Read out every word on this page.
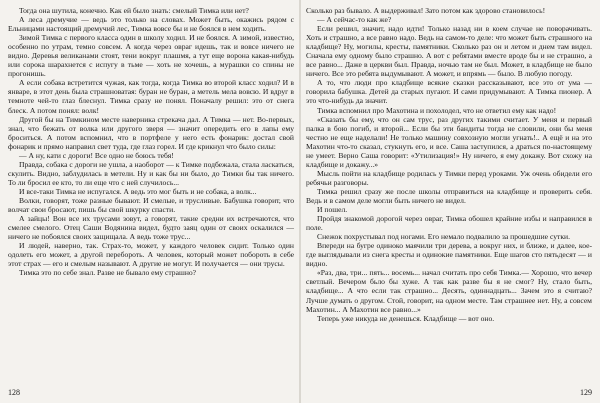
Тогда она шутила, конечно. Как ей было знать: смелый Тимка или нет?

А леса дремучие — ведь это только на словах. Может быть, окажись рядом с Ельницами настоящий дремучий лес, Тимка вовсе бы и не боялся в нем ходить.

Зимой Тимка с первого класса один в школу ходил. И не боялся. А зимой, известно, особенно по утрам, темно совсем. А когда через овраг идешь, так и вовсе ничего не видно. Деревья великанами стоят, тени вокруг плашмя, а тут еще ворона какая-нибудь или сорока шарахнется с испугу в тьме — хоть не хочешь, а мурашки со спины не прогонишь.

А если собака встретится чужая, как тогда, когда Тимка во второй класс ходил? И в январе, в этот день была страшноватая: буран не буран, а метель мела вовсю. И вдруг в темноте чей-то глаз блеснул. Тимка сразу не понял. Поначалу решил: это от снега блеск. А потом понял: волк!

Другой бы на Тимкином месте наверника стрекача дал. А Тимка — нет. Во-первых, знал, что бежать от волка или другого зверя — значит опередить его в лапы ему броситься. А потом вспомнил, что в портфеле у него есть фонарик: достал свой фонарик и прямо направил свет туда, где глаз горел. И где крикнул что было силы:

— А ну, кати с дороги! Все одно не боюсь тебя!

Правда, собака с дороги не ушла, а наоборот — к Тимке подбежала, стала ласкаться, скулить. Видно, заблудилась в метели. Ну и как бы ни было, до Тимки бы так ничего. То ли бросил ее кто, то ли еще что с ней случилось...

И все-таки Тимка не испугался. А ведь это мог быть и не собака, а волк...

Волки, говорят, тоже разные бывают. И смелые, и трусливые. Бабушка говорит, что волчат свои бросают, пишь бы свой шкурку спасти.

А зайцы! Вон все их трусами зовут, а говорят, такие средни их встречаются, что смелее смелого. Отец Саши Водянина видел, будто заяц один от своих оскалился — ничего не побоялся своих защищала. А ведь тоже трус...

И людей, наверно, так. Страх-то, может, у каждого человек сидит. Только один одолеть его может, а другой перебороть. А человек, который может побороть в себе этот страх — его и смелым называют. А другие не могут. И получается — они трусы.

Тимка это по себе знал. Разве не бывало ему страшно?

128

Сколько раз бывало. А выдерживал! Зато потом как здорово становилось!

— А сейчас-то как же?

Если решил, значит, надо идти! Только назад ни в коем случае не поворачивать. Хоть и страшно, а все равно надо. Ведь на самом-то деле: что может быть страшного на кладбище? Ну, могилы, кресты, памятники. Сколько раз он и летом и днем там видел. Сначала ему одному было страшно. А вот с ребятами вместе вроде бы и не страшно, а все равно... Даже в церкви был. Правда, ночью там не был. Может, в кладбище не было ничего. Все это ребята выдумывают. А может, и впрямь — было. В любую погоду.

А то, что люди про кладбище всякие сказки рассказывают, все это от ума — говорила бабушка. Детей да старых пугают. И сами придумывают. А Тимка пионер. А это что-нибудь да значит.

Тимка вспомнил про Махотина и похолодел, что не ответил ему как надо!

«Сказать бы ему, что он сам трус, раз других такими считает. У меня и первый палка в бою погиб, и второй... Если бы эти бандиты тогда не словили, они бы меня честно не еще наделали! Не только машину совхозную могли угнать!.. А ещё и на это Махотин что-то сказал, стукнуть его, и все. Саша заступился, а драться по-настоящему не умеет. Верно Саша говорит: «Утилизация!» Ну ничего, я ему докажу. Вот схожу на кладбище и докажу...»

Мысль пойти на кладбище родилась у Тимки перед уроками. Уж очень обидели его ребячьи разговоры.

Тимка решил сразу же после школы отправиться на кладбище и проверить себя. Ведь и в самом деле могли быть ничего не видел.

И пошел.

Пройдя знакомой дорогой через овраг, Тимка обошел крайние избы и направился в поле.

Снежок похрустывал под ногами. Его немало подвалило за прошедшие сутки.

Впереди на бугре одиноко маячили три дерева, а вокруг них, и ближе, и далее, кое-где выглядывали из снега кресты и одинокие памятники. Еще шагов сто пятьдесят — и видно.

«Раз, два, три... пять... восемь... начал считать про себя Тимка.— Хорошо, что вечер светлый. Вечером бьло бы хуже. А так как разве бы я не смог? Ну, стало быть, кладбище... А что если так страшно... Десять, одиннадцать... Зачем это я считаю? Лучше думать о другом. Стой, говорит, на одном месте. Там страшнее нет. Ну, а совсем Махотин... А Махотин все равно...»

Теперь уже никуда не денешься. Кладбище — вот оно.

129
